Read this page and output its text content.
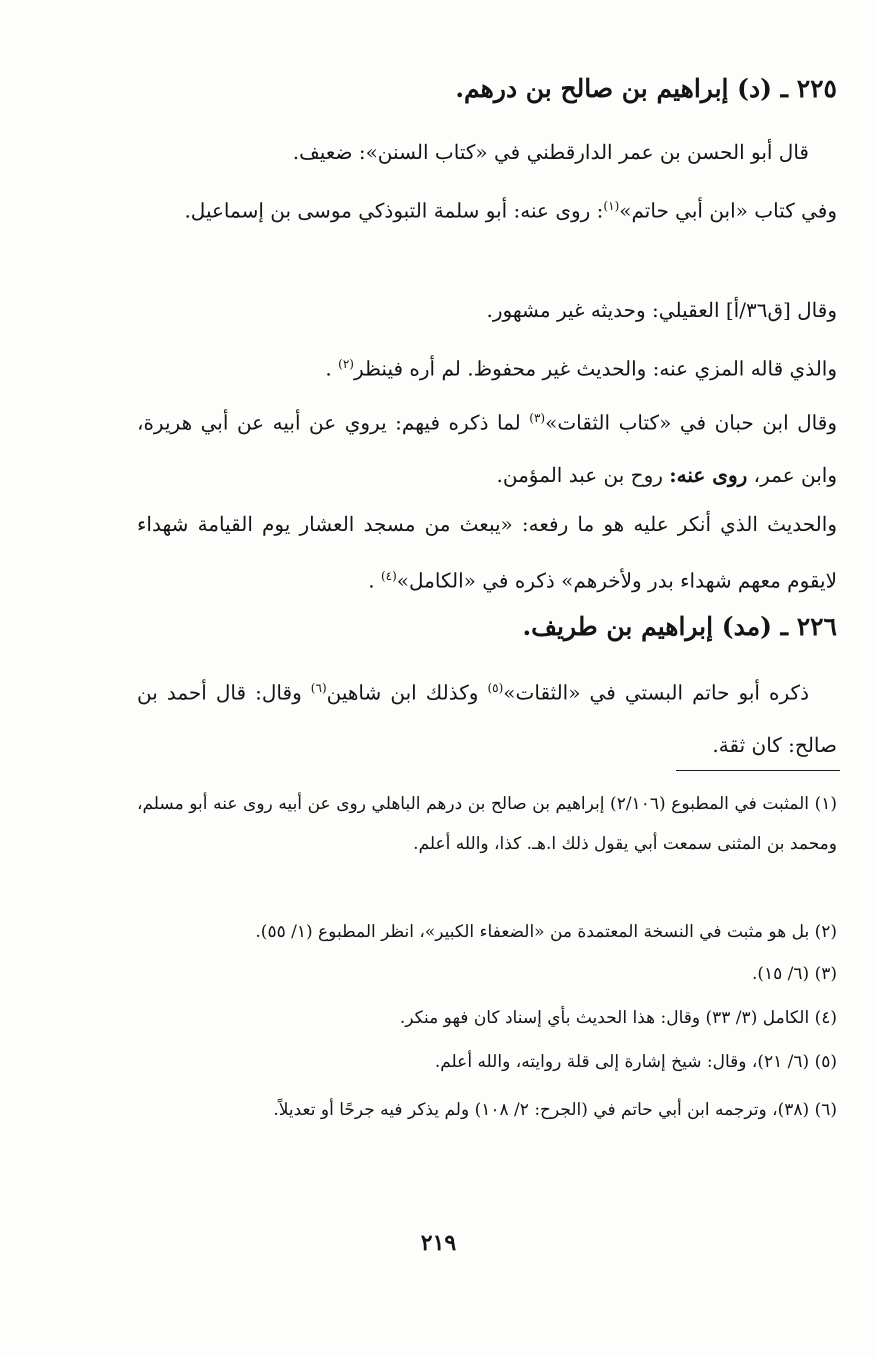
٢٢٥ ـ (د) إبراهيم بن صالح بن درهم.
قال أبو الحسن بن عمر الدارقطني في «كتاب السنن»: ضعيف.
وفي كتاب «ابن أبي حاتم»$^{(١)}$: روى عنه: أبو سلمة التبوذكي موسى بن إسماعيل.
وقال [ق٣٦/أ] العقيلي: وحديثه غير مشهور.
والذي قاله المزي عنه: والحديث غير محفوظ. لم أره فينظر$^{(٢)}$ .
وقال ابن حبان في «كتاب الثقات»$^{(٣)}$ لما ذكره فيهم: يروي عن أبيه عن أبي هريرة، وابن عمر، روى عنه: روح بن عبد المؤمن.
والحديث الذي أنكر عليه هو ما رفعه: «يبعث من مسجد العشار يوم القيامة شهداء لايقوم معهم شهداء بدر ولأخرهم» ذكره في «الكامل»$^{(٤)}$ .
٢٢٦ ـ (مد) إبراهيم بن طريف.
ذكره أبو حاتم البستي في «الثقات»$^{(٥)}$ وكذلك ابن شاهين$^{(٦)}$ وقال: قال أحمد بن صالح: كان ثقة.
(١) المثبت في المطبوع (٢/١٠٦) إبراهيم بن صالح بن درهم الباهلي روى عن أبيه روى عنه أبو مسلم، ومحمد بن المثنى سمعت أبي يقول ذلك ا.هـ. كذا، والله أعلم.
(٢) بل هو مثبت في النسخة المعتمدة من «الضعفاء الكبير»، انظر المطبوع (١/ ٥٥).
(٣) (٦/ ١٥).
(٤) الكامل (٣/ ٣٣) وقال: هذا الحديث بأي إسناد كان فهو منكر.
(٥) (٦/ ٢١)، وقال: شيخ إشارة إلى قلة روايته، والله أعلم.
(٦) (٣٨)، وترجمه ابن أبي حاتم في (الجرح: ٢/ ١٠٨) ولم يذكر فيه جرحًا أو تعديلاً.
٢١٩
